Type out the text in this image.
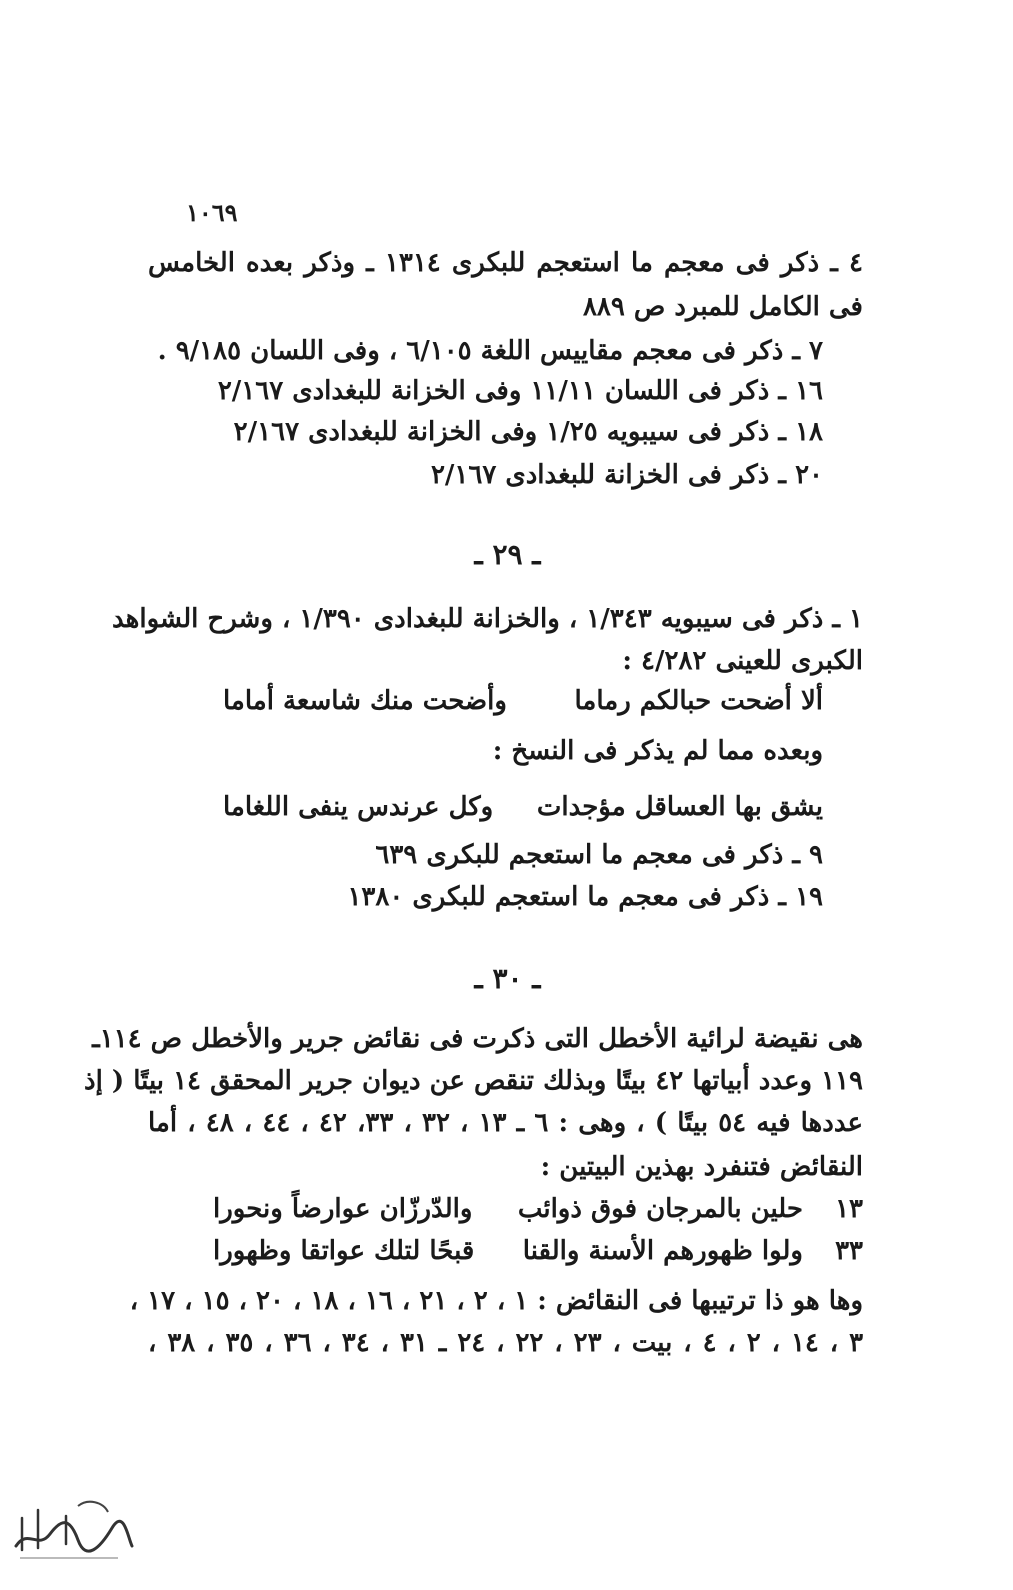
١٠٦٩
٤ ـ ذكر فى معجم ما استعجم للبكرى ١٣١٤ ـ وذكر بعده الخامس
فى الكامل للمبرد ص ٨٨٩
٧ ـ ذكر فى معجم مقاييس اللغة ٦/١٠٥ ، وفى اللسان ٩/١٨٥ .
١٦ ـ ذكر فى اللسان ١١/١١ وفى الخزانة للبغدادى ٢/١٦٧
١٨ ـ ذكر فى سيبويه ١/٢٥ وفى الخزانة للبغدادى ٢/١٦٧
٢٠ ـ ذكر فى الخزانة للبغدادى ٢/١٦٧
ـ ٢٩ ـ
١ ـ ذكر فى سيبويه ١/٣٤٣ ، والخزانة للبغدادى ١/٣٩٠ ، وشرح الشواهد
الكبرى للعينى ٤/٢٨٢ :
ألا أضحت حبالكم رماما
وأضحت منك شاسعة أماما
وبعده مما لم يذكر فى النسخ :
يشق بها العساقل مؤجدات
وكل عرندس ينفى اللغاما
٩ ـ ذكر فى معجم ما استعجم للبكرى ٦٣٩
١٩ ـ ذكر فى معجم ما استعجم للبكرى ١٣٨٠
ـ ٣٠ ـ
هى نقيضة لرائية الأخطل التى ذكرت فى نقائض جرير والأخطل ص ١١٤ـ
١١٩ وعدد أبياتها ٤٢ بيتًا وبذلك تنقص عن ديوان جرير المحقق ١٤ بيتًا ( إذ
عددها فيه ٥٤ بيتًا ) ، وهى : ٦ ـ ١٣ ، ٣٢ ، ٣٣، ٤٢ ، ٤٤ ، ٤٨ ، أما
النقائض فتنفرد بهذين البيتين :
١٣
حلين بالمرجان فوق ذوائب
والدّرزّان عوارضاً ونحورا
٣٣
ولوا ظهورهم الأسنة والقنا
قبحًا لتلك عواتقا وظهورا
وها هو ذا ترتيبها فى النقائض : ١ ، ٢ ، ٢١ ، ١٦ ، ١٨ ، ٢٠ ، ١٥ ، ١٧ ،
٣ ، ١٤ ، ٢ ، ٤ ، بيت ، ٢٣ ، ٢٢ ، ٢٤ ـ ٣١ ، ٣٤ ، ٣٦ ، ٣٥ ، ٣٨ ،
